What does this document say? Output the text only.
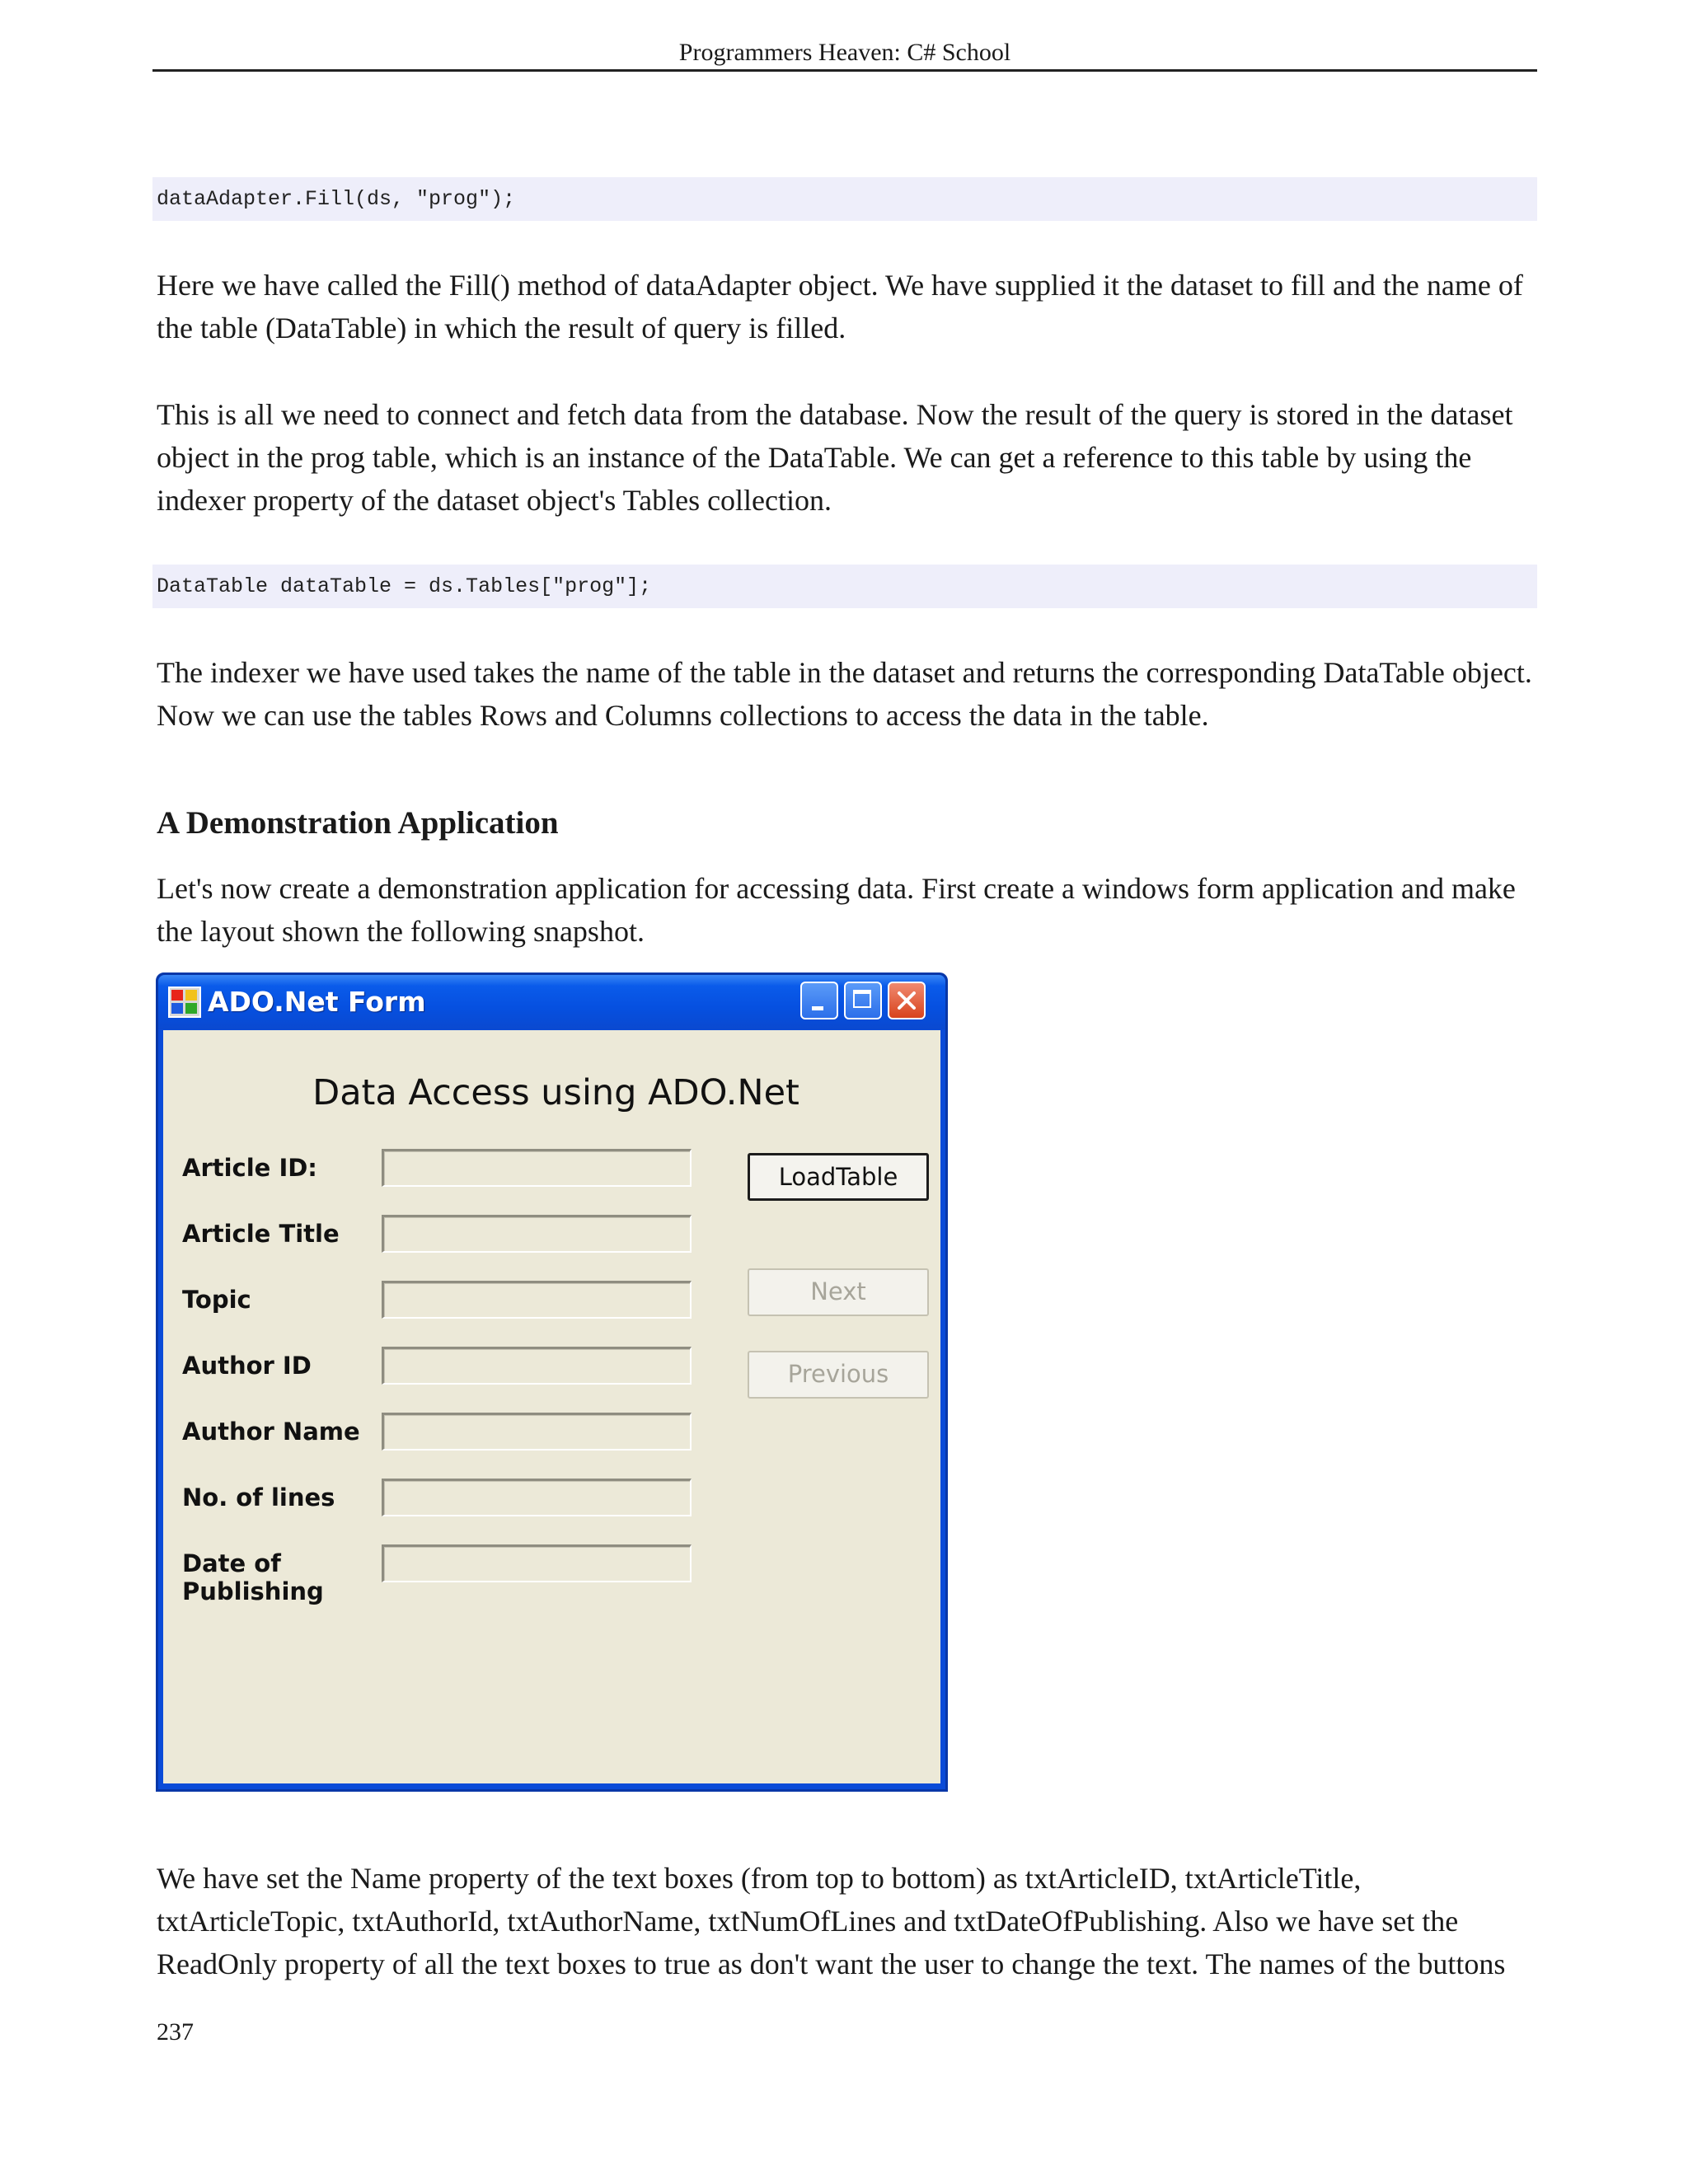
Programmers Heaven: C# School
dataAdapter.Fill(ds, "prog");

Here we have called the Fill() method of dataAdapter object. We have supplied it the dataset to fill and the name of the table (DataTable) in which the result of query is filled.

This is all we need to connect and fetch data from the database. Now the result of the query is stored in the dataset object in the prog table, which is an instance of the DataTable. We can get a reference to this table by using the indexer property of the dataset object's Tables collection.

DataTable dataTable = ds.Tables["prog"];

The indexer we have used takes the name of the table in the dataset and returns the corresponding DataTable object. Now we can use the tables Rows and Columns collections to access the data in the table.

A Demonstration Application

Let's now create a demonstration application for accessing data. First create a windows form application and make the layout shown the following snapshot.

ADO.Net Form
Data Access using ADO.Net
Article ID:
Article Title
Topic
Author ID
Author Name
No. of lines
Date of
Publishing
LoadTable
Next
Previous

We have set the Name property of the text boxes (from top to bottom) as txtArticleID, txtArticleTitle, txtArticleTopic, txtAuthorId, txtAuthorName, txtNumOfLines and txtDateOfPublishing. Also we have set the ReadOnly property of all the text boxes to true as don't want the user to change the text. The names of the buttons

237
